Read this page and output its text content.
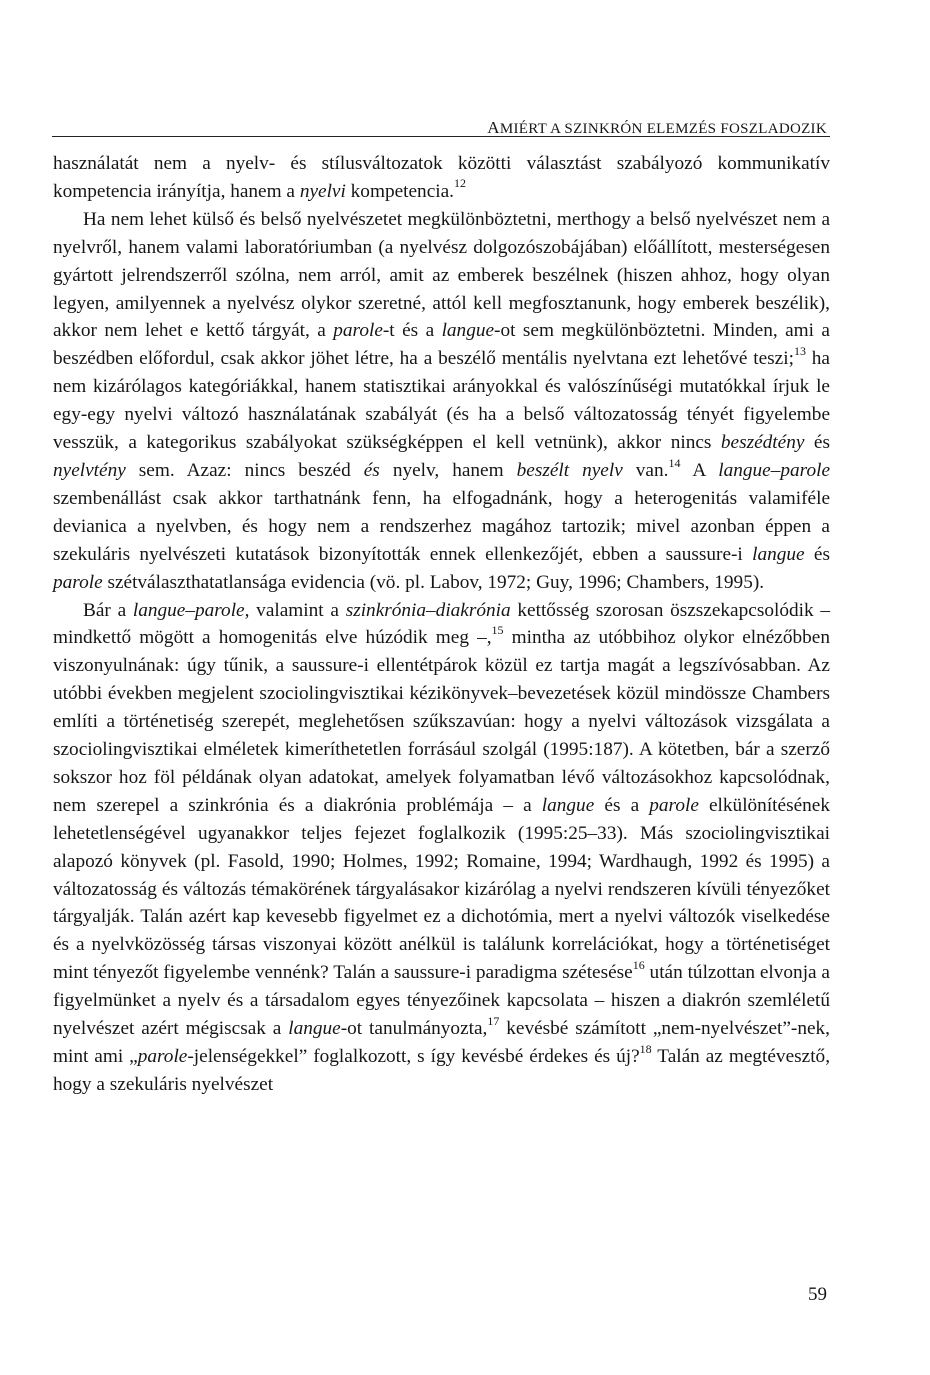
AMIÉRT A SZINKRÓN ELEMZÉS FOSZLADOZIK

használatát nem a nyelv- és stílusváltozatok közötti választást szabályozó kommunikatív kompetencia irányítja, hanem a nyelvi kompetencia.$^{12}$

Ha nem lehet külső és belső nyelvészetet megkülönböztetni, merthogy a belső nyelvészet nem a nyelvről, hanem valami laboratóriumban (a nyelvész dolgozószobájában) előállított, mesterségesen gyártott jelrendszerről szólna, nem arról, amit az emberek beszélnek (hiszen ahhoz, hogy olyan legyen, amilyennek a nyelvész olykor szeretné, attól kell megfosztanunk, hogy emberek beszélik), akkor nem lehet e kettő tárgyát, a parole-t és a langue-ot sem megkülönböztetni. Minden, ami a beszédben előfordul, csak akkor jöhet létre, ha a beszélő mentális nyelvtana ezt lehetővé teszi;$^{13}$ ha nem kizárólagos kategóriákkal, hanem statisztikai arányokkal és valószínűségi mutatókkal írjuk le egy-egy nyelvi változó használatának szabályát (és ha a belső változatosság tényét figyelembe vesszük, a kategorikus szabályokat szükségképpen el kell vetnünk), akkor nincs beszédtény és nyelvtény sem. Azaz: nincs beszéd és nyelv, hanem beszélt nyelv van.$^{14}$ A langue–parole szembenállást csak akkor tarthatnánk fenn, ha elfogadnánk, hogy a heterogenitás valamiféle devianica a nyelvben, és hogy nem a rendszerhez magához tartozik; mivel azonban éppen a szekuláris nyelvészeti kutatások bizonyították ennek ellenkezőjét, ebben a saussure-i langue és parole szétválaszthatatlansága evidencia (vö. pl. Labov, 1972; Guy, 1996; Chambers, 1995).

Bár a langue–parole, valamint a szinkrónia–diakrónia kettősség szorosan öszszekapcsolódik – mindkettő mögött a homogenitás elve húzódik meg –,$^{15}$ mintha az utóbbihoz olykor elnézőbben viszonyulnának: úgy tűnik, a saussure-i ellentétpárok közül ez tartja magát a legszívósabban. Az utóbbi években megjelent szociolingvisztikai kézikönyvek–bevezetések közül mindössze Chambers említi a történetiség szerepét, meglehetősen szűkszavúan: hogy a nyelvi változások vizsgálata a szociolingvisztikai elméletek kimeríthetetlen forrásául szolgál (1995:187). A kötetben, bár a szerző sokszor hoz föl példának olyan adatokat, amelyek folyamatban lévő változásokhoz kapcsolódnak, nem szerepel a szinkrónia és a diakrónia problémája – a langue és a parole elkülönítésének lehetetlenségével ugyanakkor teljes fejezet foglalkozik (1995:25–33). Más szociolingvisztikai alapozó könyvek (pl. Fasold, 1990; Holmes, 1992; Romaine, 1994; Wardhaugh, 1992 és 1995) a változatosság és változás témakörének tárgyalásakor kizárólag a nyelvi rendszeren kívüli tényezőket tárgyalják. Talán azért kap kevesebb figyelmet ez a dichotómia, mert a nyelvi változók viselkedése és a nyelvközösség társas viszonyai között anélkül is találunk korrelációkat, hogy a történetiséget mint tényezőt figyelembe vennénk? Talán a saussure-i paradigma szétesése$^{16}$ után túlzottan elvonja a figyelmünket a nyelv és a társadalom egyes tényezőinek kapcsolata – hiszen a diakrón szemléletű nyelvészet azért mégiscsak a langue-ot tanulmányozta,$^{17}$ kevésbé számított „nem-nyelvészet”-nek, mint ami „parole-jelenségekkel” foglalkozott, s így kevésbé érdekes és új?$^{18}$ Talán az megtévesztő, hogy a szekuláris nyelvészet

59
